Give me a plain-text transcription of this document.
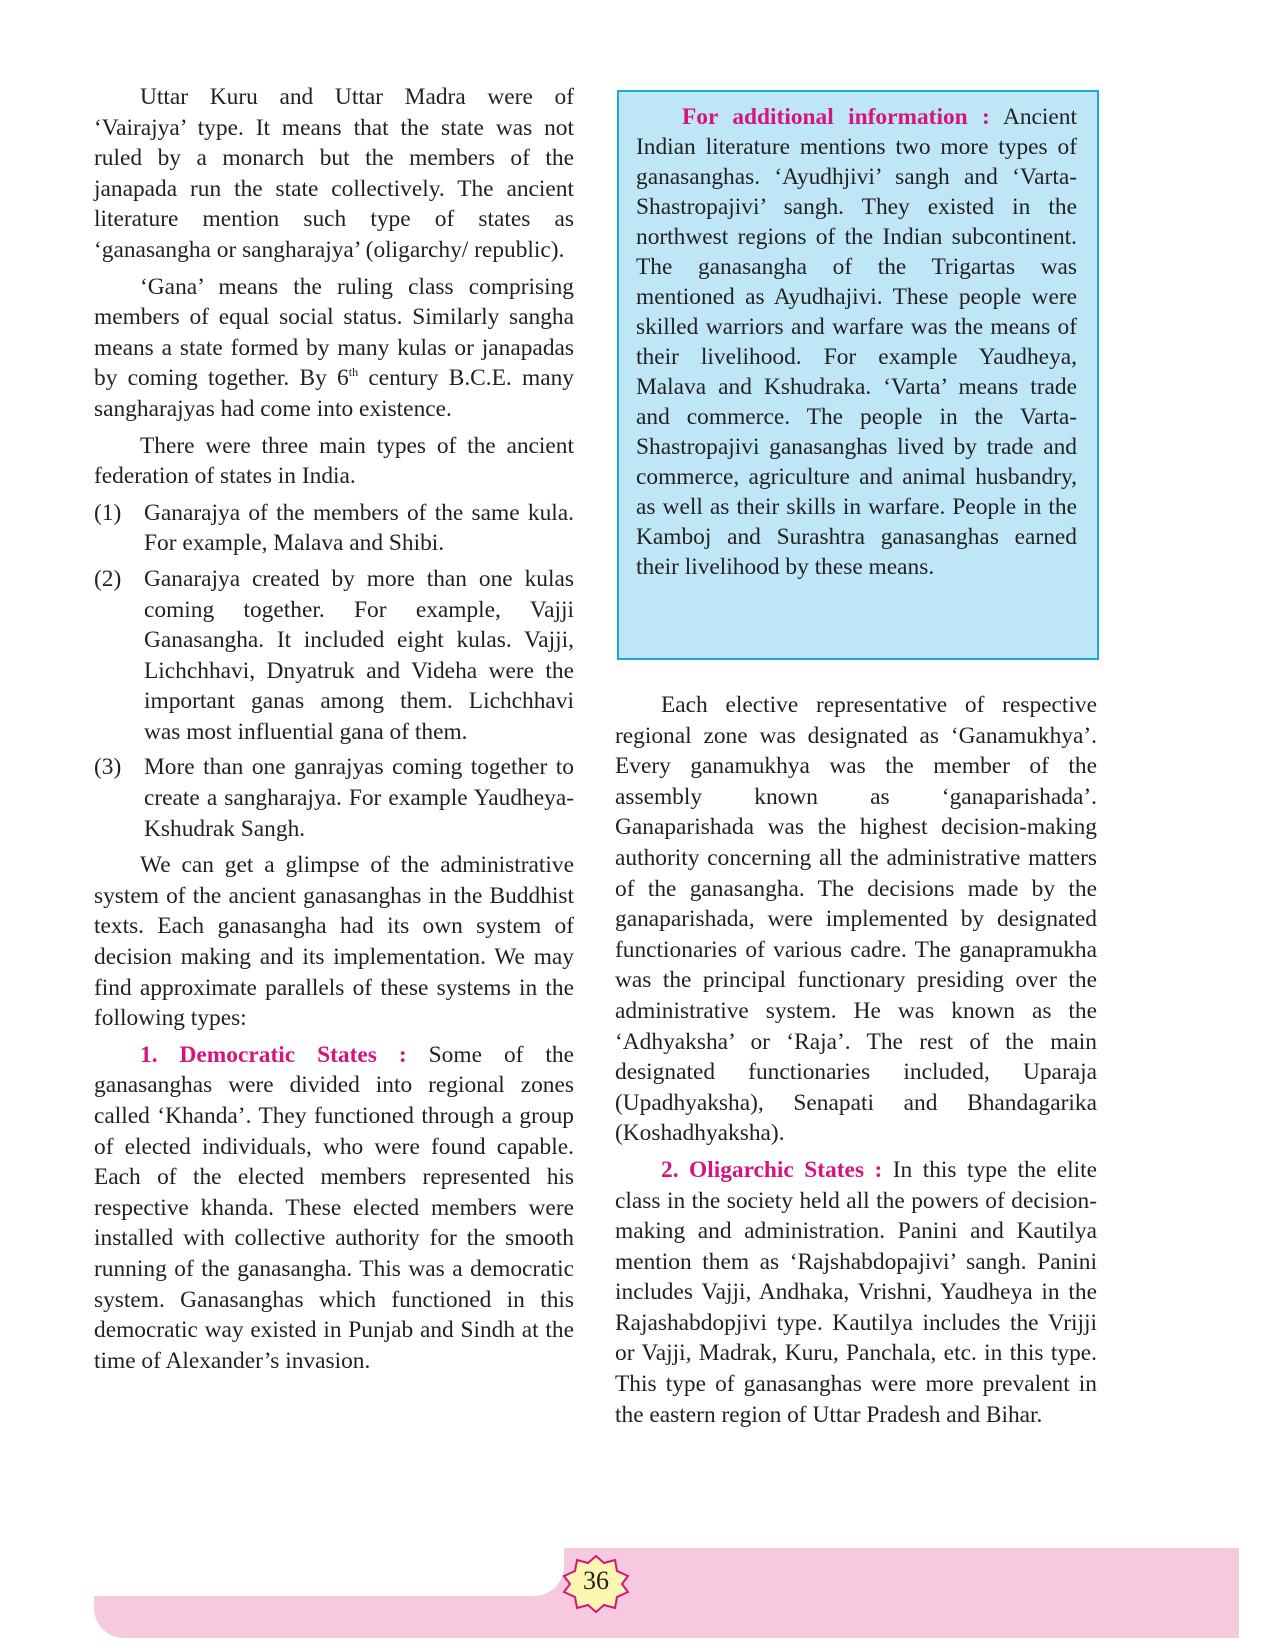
Uttar Kuru and Uttar Madra were of ‘Vairajya’ type. It means that the state was not ruled by a monarch but the members of the janapada run the state collectively. The ancient literature mention such type of states as ‘ganasangha or sangharajya’ (oligarchy/ republic).

‘Gana’ means the ruling class comprising members of equal social status. Similarly sangha means a state formed by many kulas or janapadas by coming together. By 6th century B.C.E. many sangharajyas had come into existence.

There were three main types of the ancient federation of states in India.

(1) Ganarajya of the members of the same kula. For example, Malava and Shibi.
(2) Ganarajya created by more than one kulas coming together. For example, Vajji Ganasangha. It included eight kulas. Vajji, Lichchhavi, Dnyatruk and Videha were the important ganas among them. Lichchhavi was most influential gana of them.
(3) More than one ganrajyas coming together to create a sangharajya. For example Yaudheya-Kshudrak Sangh.

We can get a glimpse of the administrative system of the ancient ganasanghas in the Buddhist texts. Each ganasangha had its own system of decision making and its implementation. We may find approximate parallels of these systems in the following types:

1. Democratic States : Some of the ganasanghas were divided into regional zones called ‘Khanda’. They functioned through a group of elected individuals, who were found capable. Each of the elected members represented his respective khanda. These elected members were installed with collective authority for the smooth running of the ganasangha. This was a democratic system. Ganasanghas which functioned in this democratic way existed in Punjab and Sindh at the time of Alexander’s invasion.

For additional information : Ancient Indian literature mentions two more types of ganasanghas. ‘Ayudhjivi’ sangh and ‘Varta-Shastropajivi’ sangh. They existed in the northwest regions of the Indian subcontinent. The ganasangha of the Trigartas was mentioned as Ayudhajivi. These people were skilled warriors and warfare was the means of their livelihood. For example Yaudheya, Malava and Kshudraka. ‘Varta’ means trade and commerce. The people in the Varta-Shastropajivi ganasanghas lived by trade and commerce, agriculture and animal husbandry, as well as their skills in warfare. People in the Kamboj and Surashtra ganasanghas earned their livelihood by these means.

Each elective representative of respective regional zone was designated as ‘Ganamukhya’. Every ganamukhya was the member of the assembly known as ‘ganaparishada’. Ganaparishada was the highest decision-making authority concerning all the administrative matters of the ganasangha. The decisions made by the ganaparishada, were implemented by designated functionaries of various cadre. The ganapramukha was the principal functionary presiding over the administrative system. He was known as the ‘Adhyaksha’ or ‘Raja’. The rest of the main designated functionaries included, Uparaja (Upadhyaksha), Senapati and Bhandagarika (Koshadhyaksha).

2. Oligarchic States : In this type the elite class in the society held all the powers of decision-making and administration. Panini and Kautilya mention them as ‘Rajshabdopajivi’ sangh. Panini includes Vajji, Andhaka, Vrishni, Yaudheya in the Rajashabdopjivi type. Kautilya includes the Vrijji or Vajji, Madrak, Kuru, Panchala, etc. in this type. This type of ganasanghas were more prevalent in the eastern region of Uttar Pradesh and Bihar.

36
